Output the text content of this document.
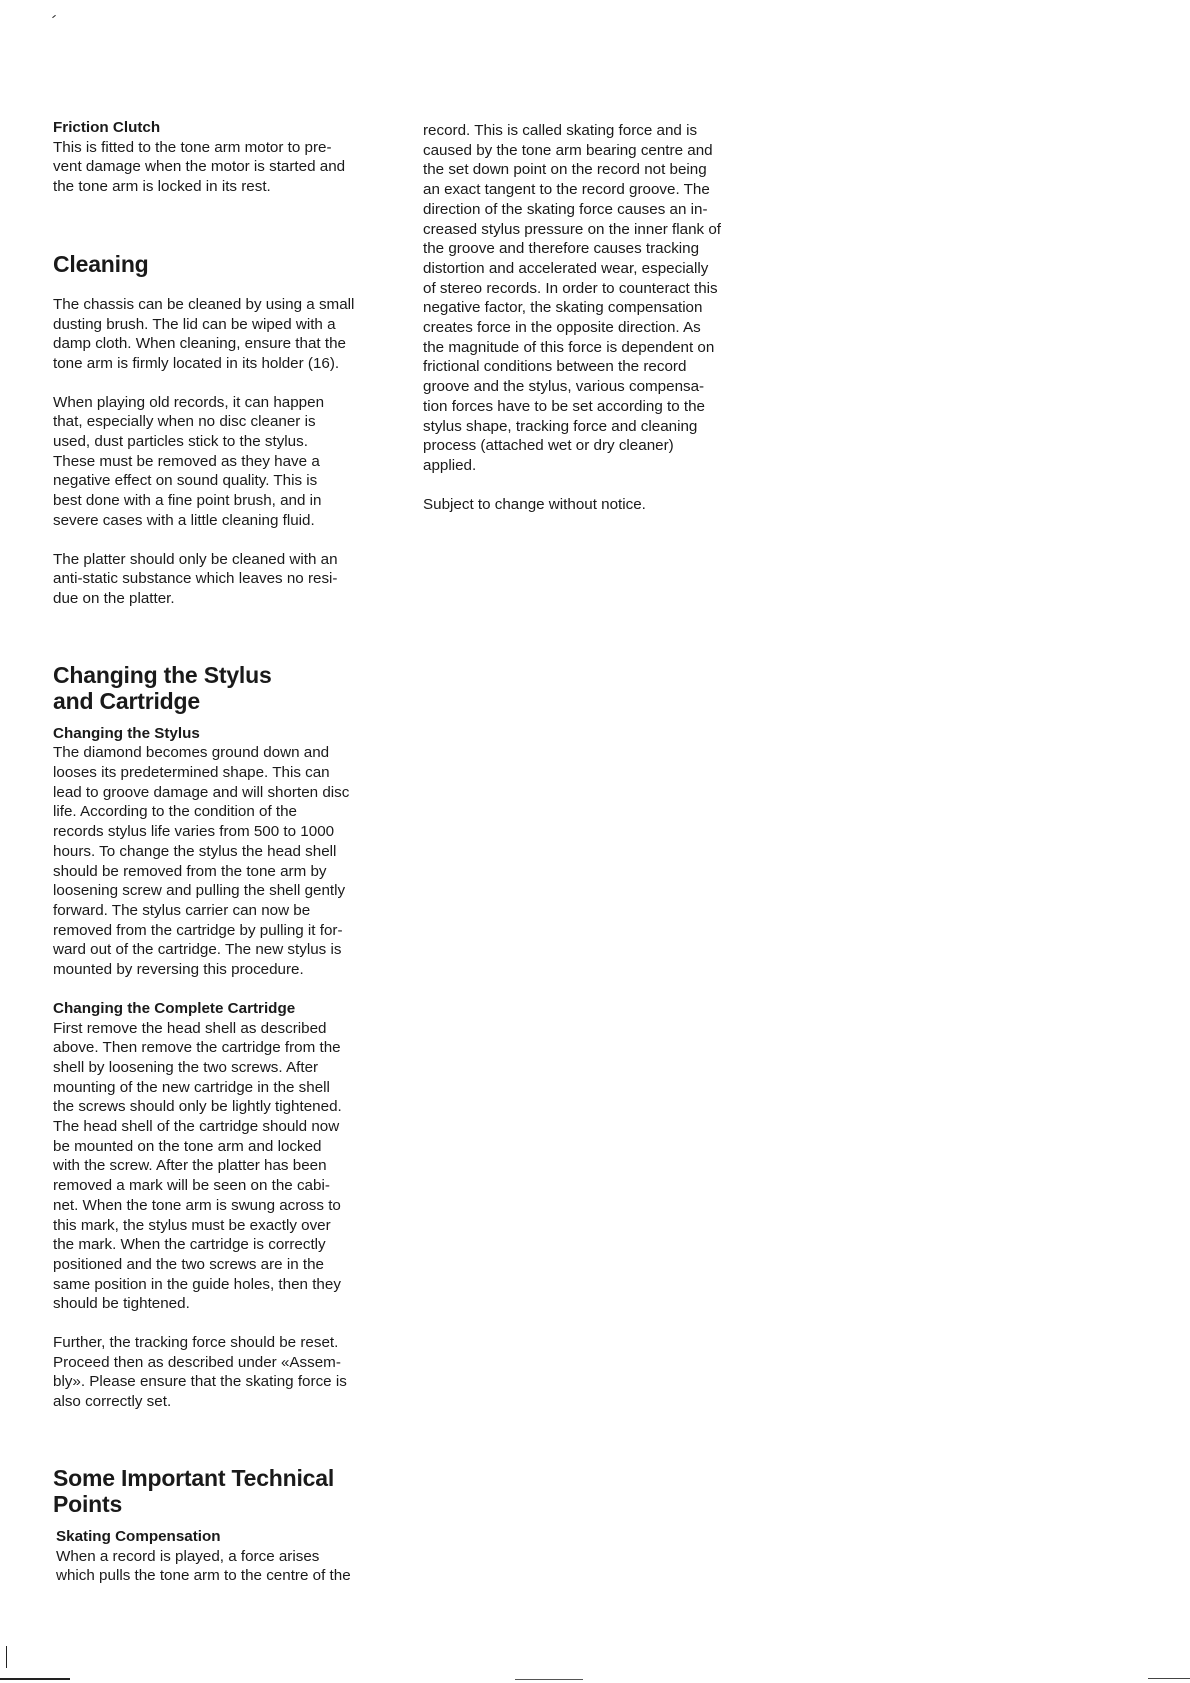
Friction Clutch
This is fitted to the tone arm motor to pre-
vent damage when the motor is started and
the tone arm is locked in its rest.
Cleaning
The chassis can be cleaned by using a small
dusting brush. The lid can be wiped with a
damp cloth. When cleaning, ensure that the
tone arm is firmly located in its holder (16).
When playing old records, it can happen
that, especially when no disc cleaner is
used, dust particles stick to the stylus.
These must be removed as they have a
negative effect on sound quality. This is
best done with a fine point brush, and in
severe cases with a little cleaning fluid.
The platter should only be cleaned with an
anti-static substance which leaves no resi-
due on the platter.
Changing the Stylus
and Cartridge
Changing the Stylus
The diamond becomes ground down and
looses its predetermined shape. This can
lead to groove damage and will shorten disc
life. According to the condition of the
records stylus life varies from 500 to 1000
hours. To change the stylus the head shell
should be removed from the tone arm by
loosening screw and pulling the shell gently
forward. The stylus carrier can now be
removed from the cartridge by pulling it for-
ward out of the cartridge. The new stylus is
mounted by reversing this procedure.
Changing the Complete Cartridge
First remove the head shell as described
above. Then remove the cartridge from the
shell by loosening the two screws. After
mounting of the new cartridge in the shell
the screws should only be lightly tightened.
The head shell of the cartridge should now
be mounted on the tone arm and locked
with the screw. After the platter has been
removed a mark will be seen on the cabi-
net. When the tone arm is swung across to
this mark, the stylus must be exactly over
the mark. When the cartridge is correctly
positioned and the two screws are in the
same position in the guide holes, then they
should be tightened.
Further, the tracking force should be reset.
Proceed then as described under «Assem-
bly». Please ensure that the skating force is
also correctly set.
Some Important Technical
Points
Skating Compensation
When a record is played, a force arises
which pulls the tone arm to the centre of the
record. This is called skating force and is
caused by the tone arm bearing centre and
the set down point on the record not being
an exact tangent to the record groove. The
direction of the skating force causes an in-
creased stylus pressure on the inner flank of
the groove and therefore causes tracking
distortion and accelerated wear, especially
of stereo records. In order to counteract this
negative factor, the skating compensation
creates force in the opposite direction. As
the magnitude of this force is dependent on
frictional conditions between the record
groove and the stylus, various compensa-
tion forces have to be set according to the
stylus shape, tracking force and cleaning
process (attached wet or dry cleaner)
applied.
Subject to change without notice.
